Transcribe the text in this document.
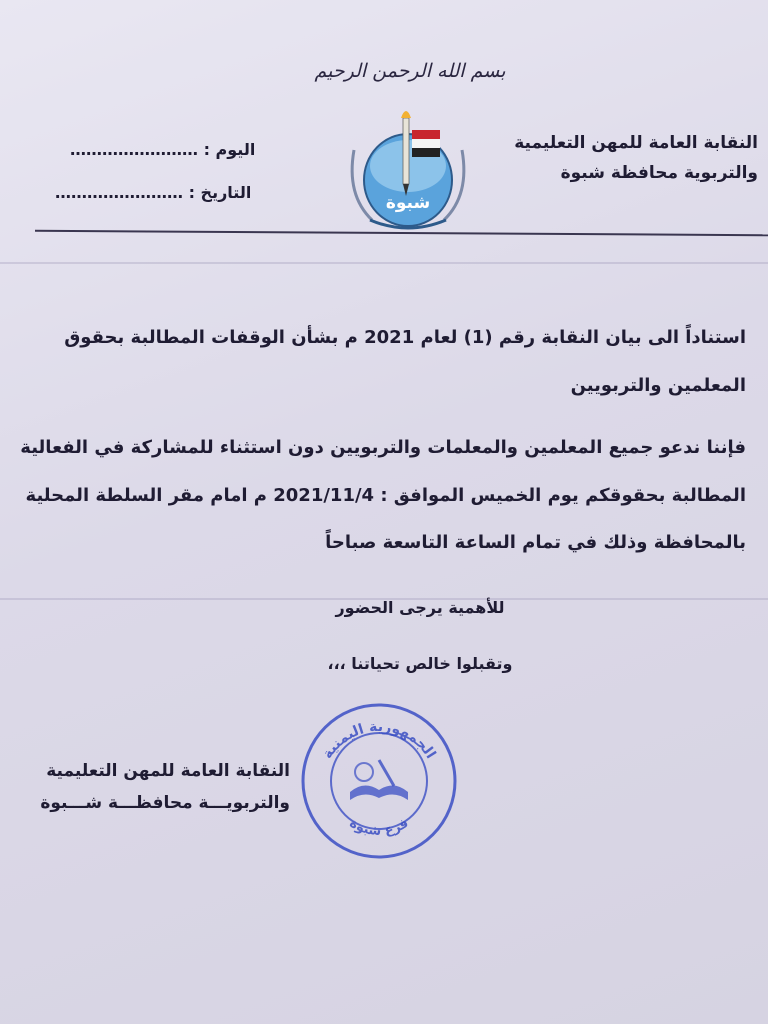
بسم الله الرحمن الرحيم
النقابة العامة للمهن التعليمية
والتربوية محافظة شبوة
اليوم : ……………………
التاريخ : ……………………
شبوة
استناداً الى بيان النقابة رقم (1) لعام 2021 م بشأن الوقفات المطالبة بحقوق
المعلمين والتربويين
فإننا ندعو جميع المعلمين والمعلمات والتربويين دون استثناء للمشاركة في الفعالية
المطالبة بحقوقكم يوم الخميس الموافق : 2021/11/4 م امام مقر السلطة المحلية
بالمحافظة وذلك في تمام الساعة التاسعة صباحاً
للأهمية يرجى الحضور
وتقبلوا خالص تحياتنا ،،،
النقابة العامة للمهن التعليمية
والتربويـــة محافظـــة شـــبوة
الجمهورية اليمنية
فرع شبوة
